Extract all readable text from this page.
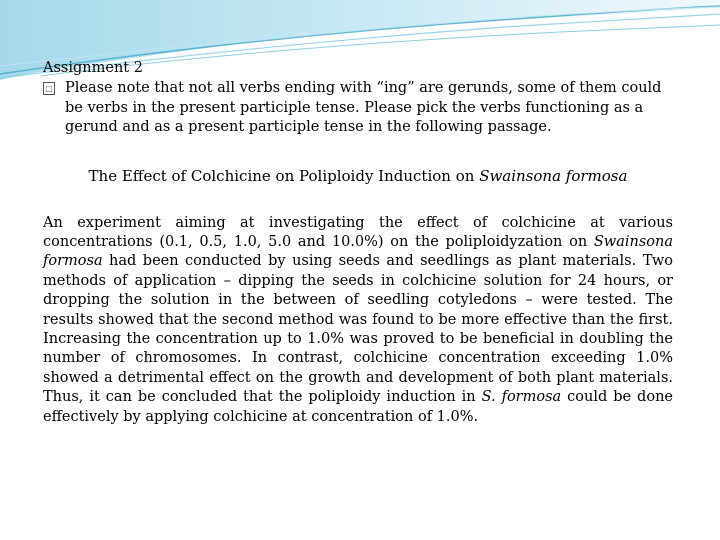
Assignment 2

□ Please note that not all verbs ending with “ing” are gerunds, some of them could be verbs in the present participle tense. Please pick the verbs functioning as a gerund and as a present participle tense in the following passage.

The Effect of Colchicine on Poliploidy Induction on Swainsona formosa

An experiment aiming at investigating the effect of colchicine at various concentrations (0.1, 0.5, 1.0, 5.0 and 10.0%) on the poliploidyzation on Swainsona formosa had been conducted by using seeds and seedlings as plant materials. Two methods of application – dipping the seeds in colchicine solution for 24 hours, or dropping the solution in the between of seedling cotyledons – were tested. The results showed that the second method was found to be more effective than the first. Increasing the concentration up to 1.0% was proved to be beneficial in doubling the number of chromosomes. In contrast, colchicine concentration exceeding 1.0% showed a detrimental effect on the growth and development of both plant materials. Thus, it can be concluded that the poliploidy induction in S. formosa could be done effectively by applying colchicine at concentration of 1.0%.
